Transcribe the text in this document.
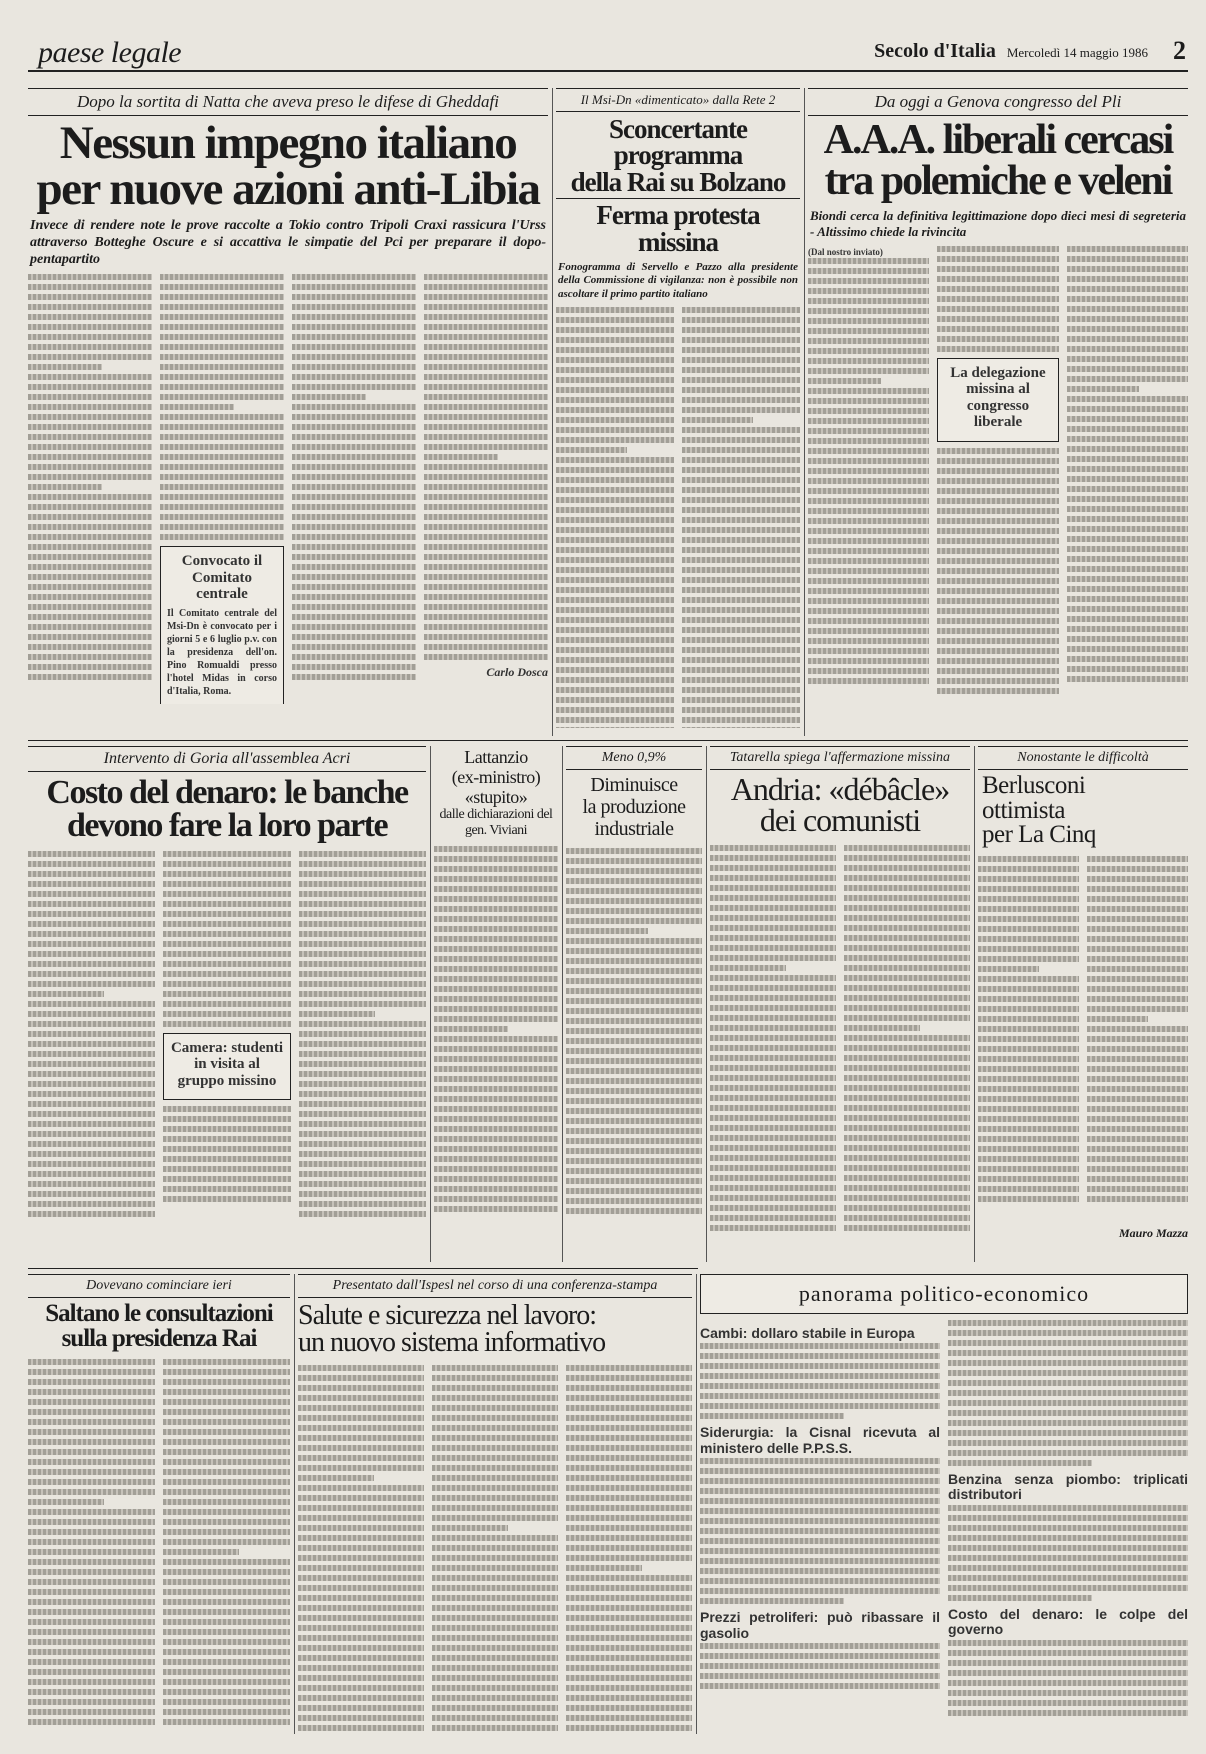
paese legale	Secolo d'Italia Mercoledì 14 maggio 1986 2
Dopo la sortita di Natta che aveva preso le difese di Gheddafi
Nessun impegno italiano
per nuove azioni anti-Libia
Invece di rendere note le prove raccolte a Tokio contro Tripoli Craxi rassicura l'Urss attraverso Botteghe Oscure e si accattiva le simpatie del Pci per preparare il dopo-pentapartito
Convocato il Comitato centrale
Il Comitato centrale del Msi-Dn è convocato per i giorni 5 e 6 luglio p.v. con la presidenza dell'on. Pino Romualdi presso l'hotel Midas in corso d'Italia, Roma.
Carlo Dosca
Il Msi-Dn «dimenticato» dalla Rete 2
Sconcertante programma
della Rai su Bolzano
Ferma protesta missina
Fonogramma di Servello e Pazzo alla presidente della Commissione di vigilanza: non è possibile non ascoltare il primo partito italiano
Da oggi a Genova congresso del Pli
A.A.A. liberali cercasi
tra polemiche e veleni
Biondi cerca la definitiva legittimazione dopo dieci mesi di segreteria - Altissimo chiede la rivincita
(Dal nostro inviato)
La delegazione missina al congresso liberale
Intervento di Goria all'assemblea Acri
Costo del denaro: le banche
devono fare la loro parte
Camera: studenti in visita al gruppo missino
Lattanzio
(ex-ministro)
«stupito»
dalle dichiarazioni del gen. Viviani
Meno 0,9%
Diminuisce
la produzione
industriale
Tatarella spiega l'affermazione missina
Andria: «débâcle»
dei comunisti
Nonostante le difficoltà
Berlusconi
ottimista
per La Cinq
Mauro Mazza
Dovevano cominciare ieri
Saltano le consultazioni
sulla presidenza Rai
Presentato dall'Ispesl nel corso di una conferenza-stampa
Salute e sicurezza nel lavoro:
un nuovo sistema informativo
panorama politico-economico
Cambi: dollaro stabile in Europa
Siderurgia: la Cisnal ricevuta al ministero delle P.P.S.S.
Prezzi petroliferi: può ribassare il gasolio
Benzina senza piombo: triplicati distributori
Costo del denaro: le colpe del governo
